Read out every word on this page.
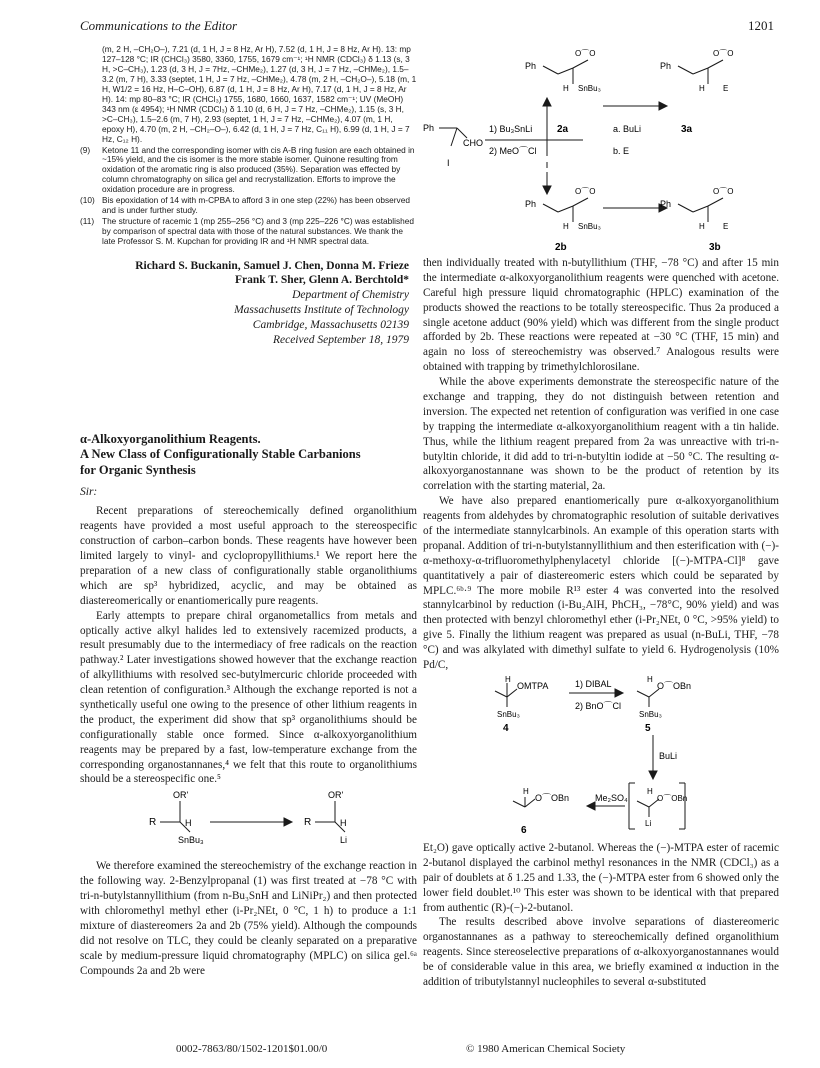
Communications to the Editor	1201

(m, 2 H, –CH₂O–), 7.21 (d, 1 H, J = 8 Hz, Ar H), 7.52 (d, 1 H, J = 8 Hz, Ar H). 13: mp 127–128 °C; IR (CHCl₃) 3580, 3360, 1755, 1679 cm⁻¹; ¹H NMR (CDCl₃) δ 1.13 (s, 3 H, >C–CH₃), 1.23 (d, 3 H, J = 7Hz, –CHMe₂), 1.27 (d, 3 H, J = 7 Hz, –CHMe₂), 1.5–3.2 (m, 7 H), 3.33 (septet, 1 H, J = 7 Hz, –CHMe₂), 4.78 (m, 2 H, –CH₂O–), 5.18 (m, 1 H, W1/2 = 16 Hz, H–C–OH), 6.87 (d, 1 H, J = 8 Hz, Ar H), 7.17 (d, 1 H, J = 8 Hz, Ar H). 14: mp 80–83 °C; IR (CHCl₃) 1755, 1680, 1660, 1637, 1582 cm⁻¹; UV (MeOH) 343 nm (ε 4954); ¹H NMR (CDCl₃) δ 1.10 (d, 6 H, J = 7 Hz, –CHMe₂), 1.15 (s, 3 H, >C–CH₃), 1.5–2.6 (m, 7 H), 2.93 (septet, 1 H, J = 7 Hz, –CHMe₂), 4.07 (m, 1 H, epoxy H), 4.70 (m, 2 H, –CH₂–O–), 6.42 (d, 1 H, J = 7 Hz, C₁₁ H), 6.99 (d, 1 H, J = 7 Hz, C₁₂ H).

(9) Ketone 11 and the corresponding isomer with cis A-B ring fusion are each obtained in ~15% yield, and the cis isomer is the more stable isomer. Quinone resulting from oxidation of the aromatic ring is also produced (35%). Separation was effected by column chromatography on silica gel and recrystallization. Efforts to improve the oxidation procedure are in progress.

(10) Bis epoxidation of 14 with m-CPBA to afford 3 in one step (22%) has been observed and is under further study.

(11) The structure of racemic 1 (mp 255–256 °C) and 3 (mp 225–226 °C) was established by comparison of spectral data with those of the natural substances. We thank the late Professor S. M. Kupchan for providing IR and ¹H NMR spectral data.

Richard S. Buckanin, Samuel J. Chen, Donna M. Frieze

Frank T. Sher, Glenn A. Berchtold*

Department of Chemistry

Massachusetts Institute of Technology

Cambridge, Massachusetts 02139

Received September 18, 1979

α-Alkoxyorganolithium Reagents.

A New Class of Configurationally Stable Carbanions

for Organic Synthesis

Sir:

Recent preparations of stereochemically defined organolithium reagents have provided a most useful approach to the stereospecific construction of carbon–carbon bonds. These reagents have however been limited largely to vinyl- and cyclopropyllithiums.¹ We report here the preparation of a new class of configurationally stable organolithiums which are sp³ hybridized, acyclic, and may be obtained as diastereomerically or enantiomerically pure reagents.

Early attempts to prepare chiral organometallics from metals and optically active alkyl halides led to extensively racemized products, a result presumably due to the intermediacy of free radicals on the reaction pathway.² Later investigations showed however that the exchange reaction of alkyllithiums with resolved sec-butylmercuric chloride proceeded with clean retention of configuration.³ Although the exchange reported is not a synthetically useful one owing to the presence of other lithium reagents in the product, the experiment did show that sp³ organolithiums should be configurationally stable once formed. Since α-alkoxyorganolithium reagents may be prepared by a fast, low-temperature exchange from the corresponding organostannanes,⁴ we felt that this route to organolithiums should be a stereospecific one.⁵

OR'
R	H
SnBu₃
OR'
R	H
Li

We therefore examined the stereochemistry of the exchange reaction in the following way. 2-Benzylpropanal (1) was first treated at −78 °C with tri-n-butylstannyllithium (from n-Bu₃SnH and LiNiPr₂) and then protected with chloromethyl methyl ether (i-Pr₂NEt, 0 °C, 1 h) to produce a 1:1 mixture of diastereomers 2a and 2b (75% yield). Although the compounds did not resolve on TLC, they could be cleanly separated on a preparative scale by medium-pressure liquid chromatography (MPLC) on silica gel.⁶ᵃ Compounds 2a and 2b were

Ph
O⌒O
H SnBu₃
Ph
O⌒O
H E
Ph
CHO
I
1) Bu₃SnLi
2) MeO⌒Cl
2a	a. BuLi
b. E
3a
Ph
O⌒O
H SnBu₃
Ph
O⌒O
H E
2b	3b

then individually treated with n-butyllithium (THF, −78 °C) and after 15 min the intermediate α-alkoxyorganolithium reagents were quenched with acetone. Careful high pressure liquid chromatographic (HPLC) examination of the products showed the reactions to be totally stereospecific. Thus 2a produced a single acetone adduct (90% yield) which was different from the single product afforded by 2b. These reactions were repeated at −30 °C (THF, 15 min) and again no loss of stereochemistry was observed.⁷ Analogous results were obtained with trapping by trimethylchlorosilane.

While the above experiments demonstrate the stereospecific nature of the exchange and trapping, they do not distinguish between retention and inversion. The expected net retention of configuration was verified in one case by trapping the intermediate α-alkoxyorganolithium reagent with a tin halide. Thus, while the lithium reagent prepared from 2a was unreactive with tri-n-butyltin chloride, it did add to tri-n-butyltin iodide at −50 °C. The resulting α-alkoxyorganostannane was shown to be the product of retention by its correlation with the starting material, 2a.

We have also prepared enantiomerically pure α-alkoxyorganolithium reagents from aldehydes by chromatographic resolution of suitable derivatives of the intermediate stannylcarbinols. An example of this operation starts with propanal. Addition of tri-n-butylstannyllithium and then esterification with (−)-α-methoxy-α-trifluoromethylphenylacetyl chloride [(−)-MTPA-Cl]⁸ gave quantitatively a pair of diastereomeric esters which could be separated by MPLC.⁶ᵇ·⁹ The more mobile R¹³ ester 4 was converted into the resolved stannylcarbinol by reduction (i-Bu₂AlH, PhCH₃, −78°C, 90% yield) and was then protected with benzyl chloromethyl ether (i-Pr₂NEt, 0 °C, >95% yield) to give 5. Finally the lithium reagent was prepared as usual (n-BuLi, THF, −78 °C) and was alkylated with dimethyl sulfate to yield 6. Hydrogenolysis (10% Pd/C,

H
OMTPA
SnBu₃
4
1) DIBAL
2) BnO⌒Cl
H
O⌒OBn
SnBu₃
5
BuLi
H
O⌒OBn
6
Me₂SO₄
H
O⌒OBn
Li

Et₂O) gave optically active 2-butanol. Whereas the (−)-MTPA ester of racemic 2-butanol displayed the carbinol methyl resonances in the NMR (CDCl₃) as a pair of doublets at δ 1.25 and 1.33, the (−)-MTPA ester from 6 showed only the lower field doublet.¹⁰ This ester was shown to be identical with that prepared from authentic (R)-(−)-2-butanol.

The results described above involve separations of diastereomeric organostannanes as a pathway to stereochemically defined organolithium reagents. Since stereoselective preparations of α-alkoxyorganostannanes would be of considerable value in this area, we briefly examined α induction in the addition of tributylstannyl nucleophiles to several α-substituted

0002-7863/80/1502-1201$01.00/0	© 1980 American Chemical Society
